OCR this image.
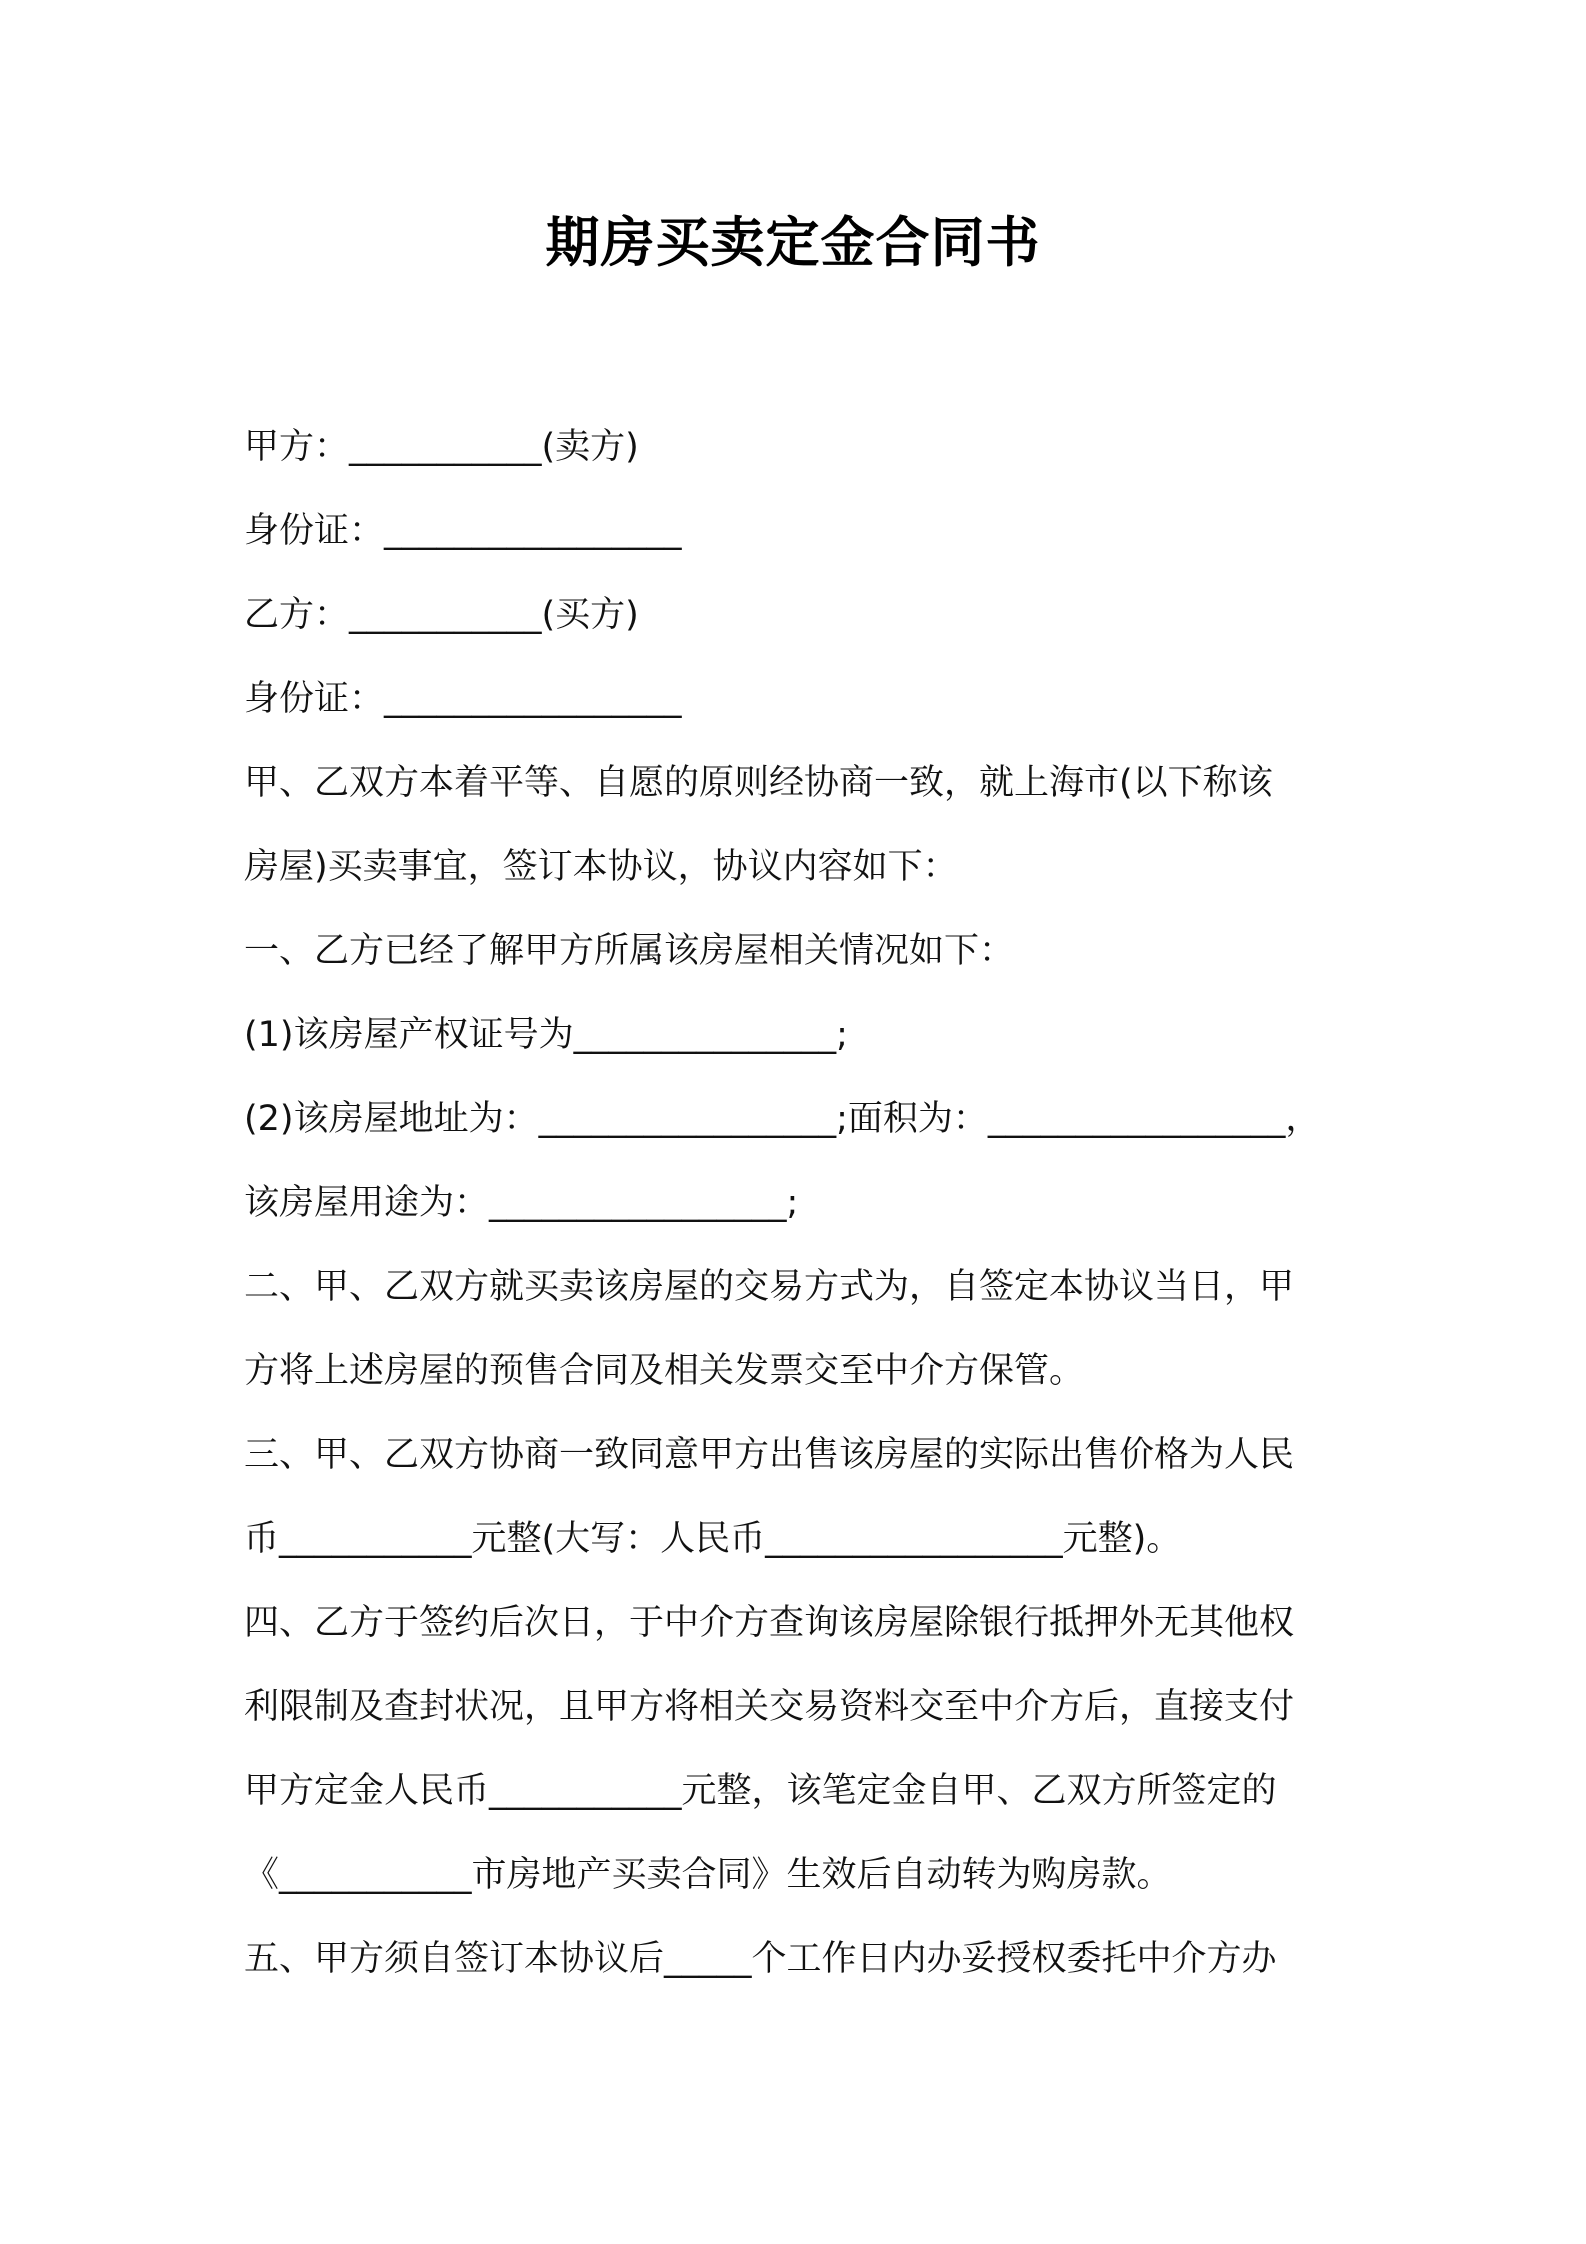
期房买卖定金合同书
甲方：___________(卖方)
身份证：_________________
乙方：___________(买方)
身份证：_________________
甲、乙双方本着平等、自愿的原则经协商一致，就上海市(以下称该
房屋)买卖事宜，签订本协议，协议内容如下：
一、乙方已经了解甲方所属该房屋相关情况如下：
(1)该房屋产权证号为_______________;
(2)该房屋地址为：_________________;面积为：_________________，
该房屋用途为：_________________;
二、甲、乙双方就买卖该房屋的交易方式为，自签定本协议当日，甲
方将上述房屋的预售合同及相关发票交至中介方保管。
三、甲、乙双方协商一致同意甲方出售该房屋的实际出售价格为人民
币___________元整(大写：人民币_________________元整)。
四、乙方于签约后次日，于中介方查询该房屋除银行抵押外无其他权
利限制及查封状况，且甲方将相关交易资料交至中介方后，直接支付
甲方定金人民币___________元整，该笔定金自甲、乙双方所签定的
《___________市房地产买卖合同》生效后自动转为购房款。
五、甲方须自签订本协议后_____个工作日内办妥授权委托中介方办
